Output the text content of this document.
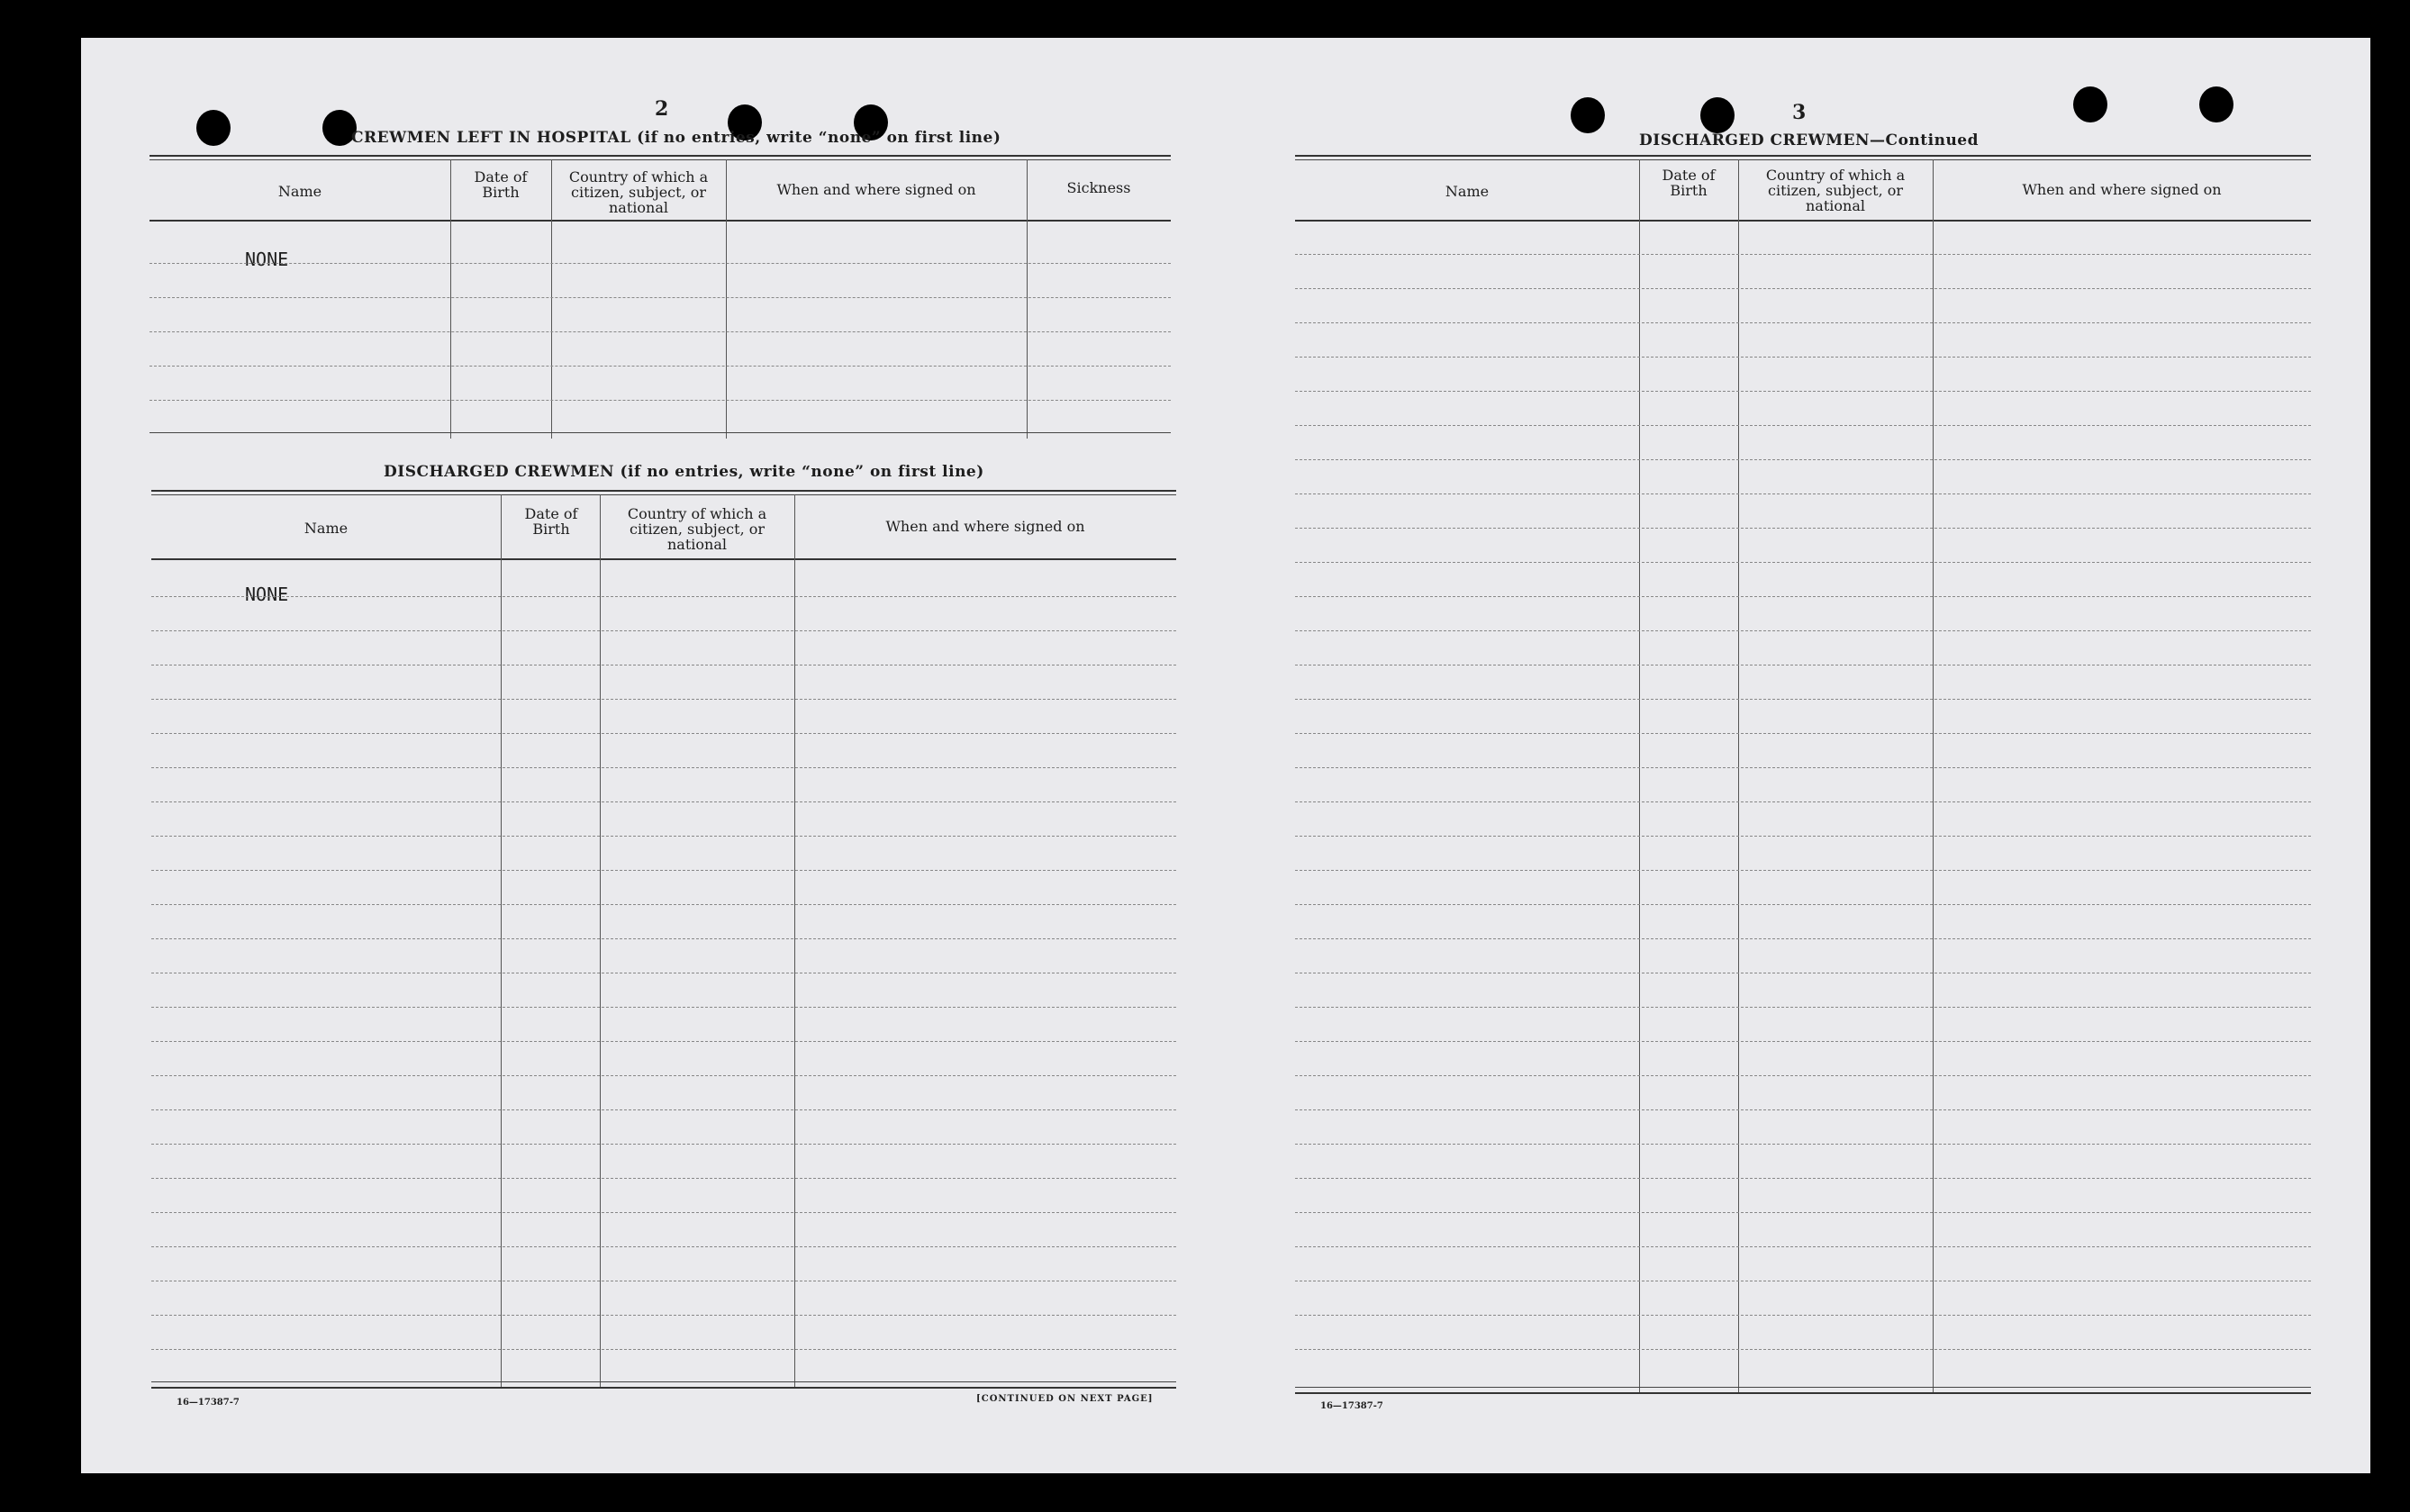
2
CREWMEN LEFT IN HOSPITAL (if no entries, write “none” on first line)
Name
Date of Birth
Country of which a citizen, subject, or national
When and where signed on	Sickness
NONE
DISCHARGED CREWMEN (if no entries, write “none” on first line)
Name
Date of Birth
Country of which a citizen, subject, or national
When and where signed on
NONE
16—17387-7	[CONTINUED ON NEXT PAGE]
3
DISCHARGED CREWMEN—Continued
Name
Date of Birth
Country of which a citizen, subject, or national
When and where signed on
16—17387-7
